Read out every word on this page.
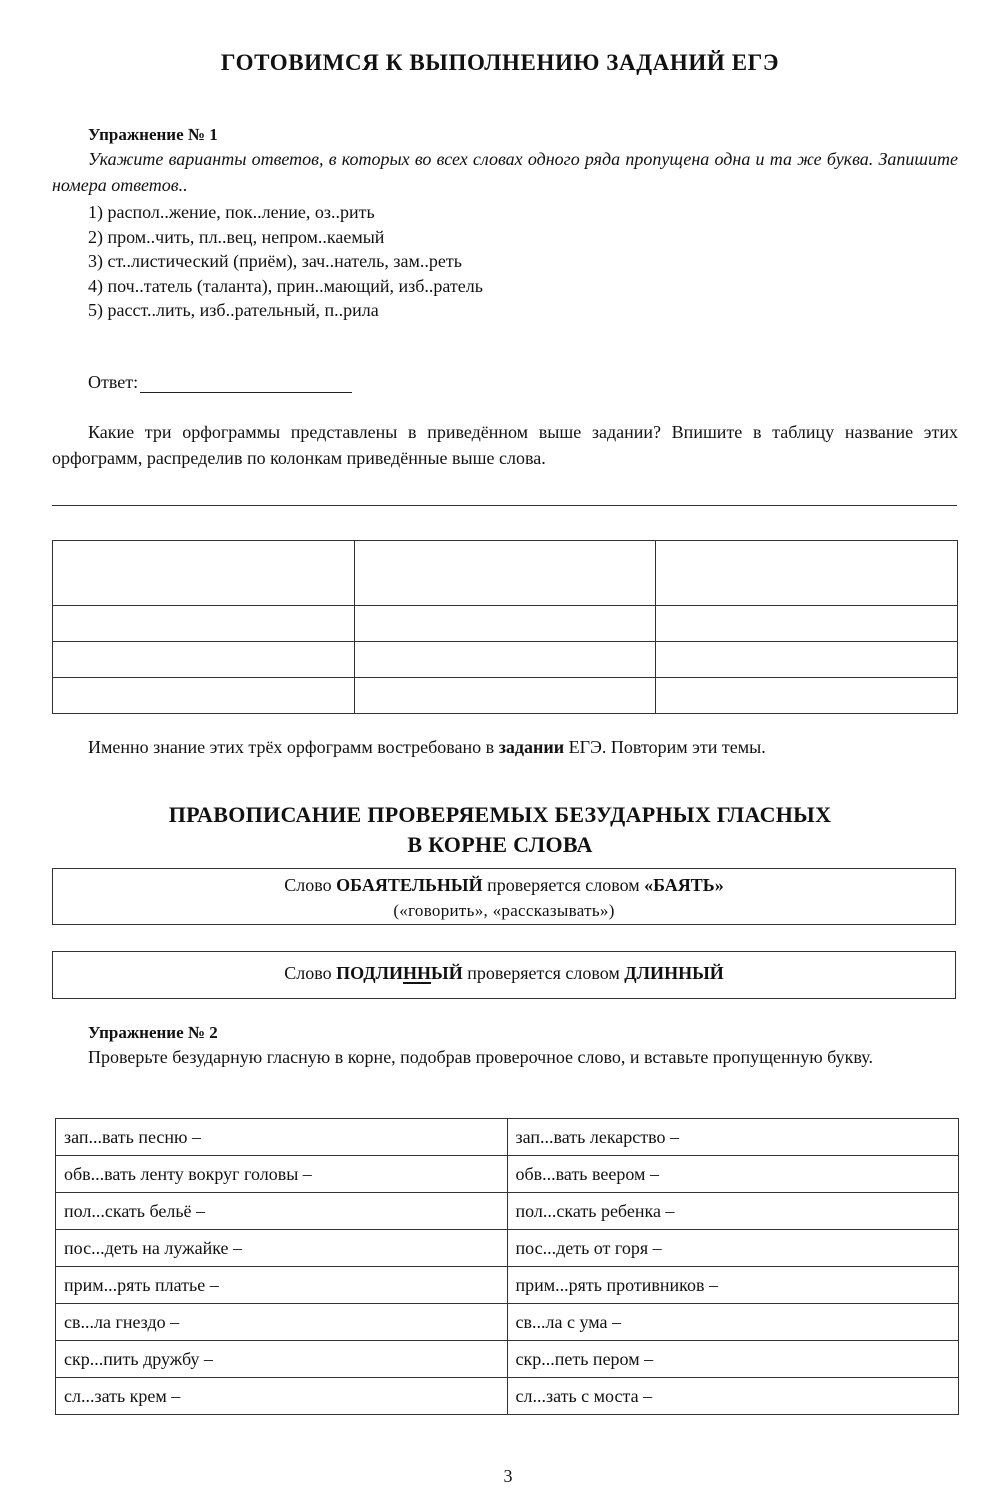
ГОТОВИМСЯ К ВЫПОЛНЕНИЮ ЗАДАНИЙ ЕГЭ
Упражнение № 1

Укажите варианты ответов, в которых во всех словах одного ряда пропущена одна и та же буква. Запишите номера ответов..

1) распол..жение, пок..ление, оз..рить
2) пром..чить, пл..вец, непром..каемый
3) ст..листический (приём), зач..натель, зам..реть
4) поч..татель (таланта), прин..мающий, изб..ратель
5) расст..лить, изб..рательный, п..рила
Ответ:

Какие три орфограммы представлены в приведённом выше задании? Впишите в таблицу название этих орфограмм, распределив по колонкам приведённые выше слова.

Именно знание этих трёх орфограмм востребовано в задании ЕГЭ. Повторим эти темы.

ПРАВОПИСАНИЕ ПРОВЕРЯЕМЫХ БЕЗУДАРНЫХ ГЛАСНЫХ
В КОРНЕ СЛОВА
Слово ОБАЯТЕЛЬНЫЙ проверяется словом «БАЯТЬ»
(«говорить», «рассказывать»)
Слово ПОДЛИННЫЙ проверяется словом ДЛИННЫЙ
Упражнение № 2

Проверьте безударную гласную в корне, подобрав проверочное слово, и вставьте пропущенную букву.

зап...вать песню –	зап...вать лекарство –
обв...вать ленту вокруг головы –	обв...вать веером –
пол...скать бельё –	пол...скать ребенка –
пос...деть на лужайке –	пос...деть от горя –
прим...рять платье –	прим...рять противников –
св...ла гнездо –	св...ла с ума –
скр...пить дружбу –	скр...петь пером –
сл...зать крем –	сл...зать с моста –
3
